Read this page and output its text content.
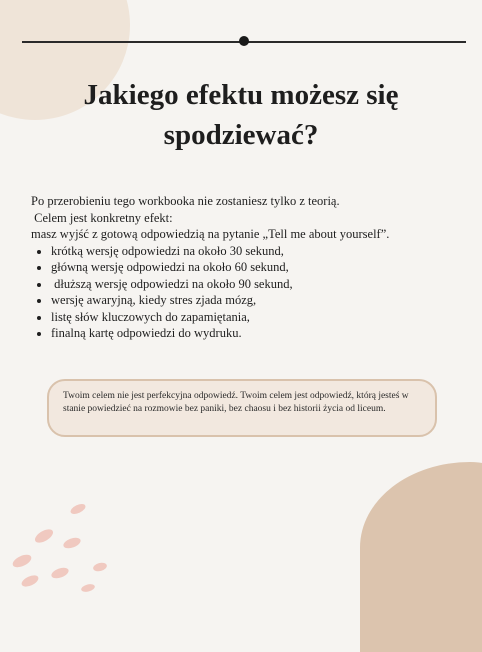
Jakiego efektu możesz się spodziewać?

Po przerobieniu tego workbooka nie zostaniesz tylko z teorią.

Celem jest konkretny efekt:

masz wyjść z gotową odpowiedzią na pytanie „Tell me about yourself”.

• krótką wersję odpowiedzi na około 30 sekund,
• główną wersję odpowiedzi na około 60 sekund,
•  dłuższą wersję odpowiedzi na około 90 sekund,
• wersję awaryjną, kiedy stres zjada mózg,
• listę słów kluczowych do zapamiętania,
• finalną kartę odpowiedzi do wydruku.
Twoim celem nie jest perfekcyjna odpowiedź. Twoim celem jest odpowiedź, którą jesteś w stanie powiedzieć na rozmowie bez paniki, bez chaosu i bez historii życia od liceum.
